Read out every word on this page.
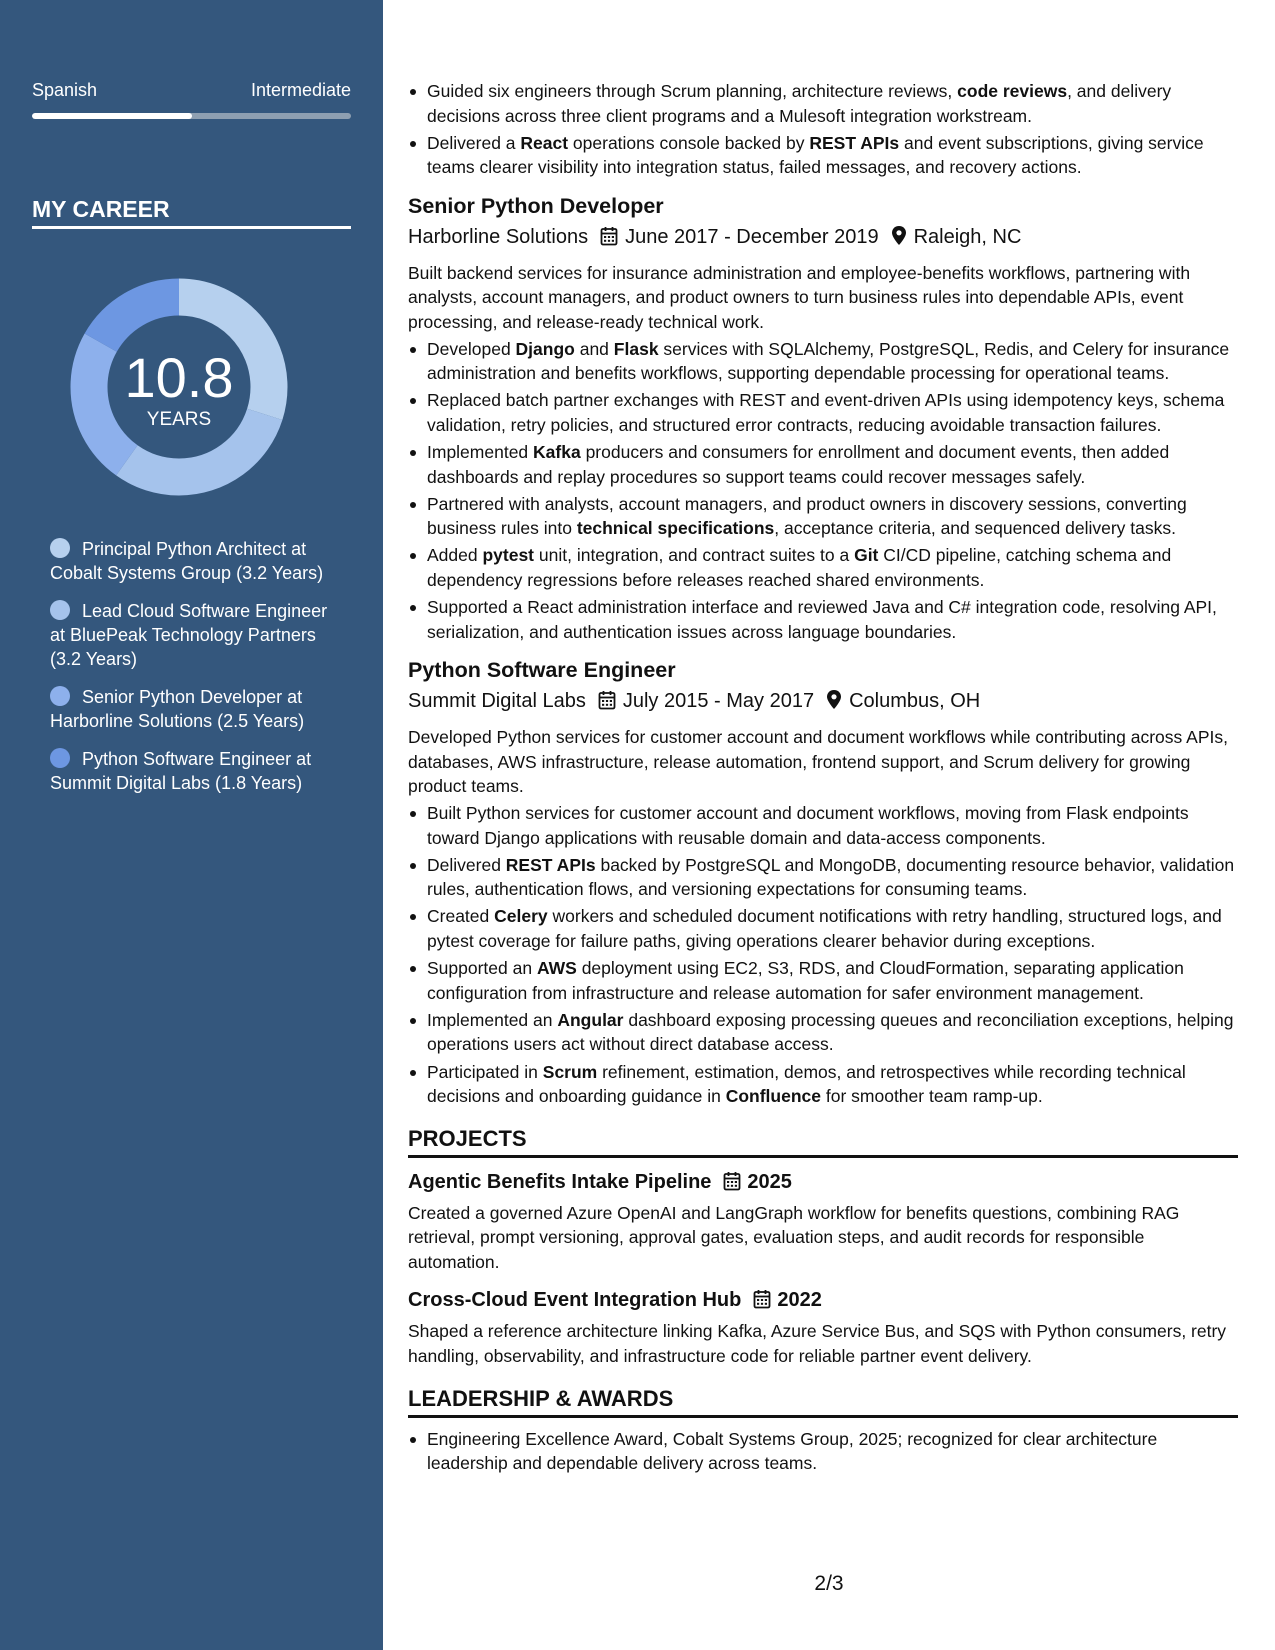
Spanish	Intermediate
MY CAREER
10.8
YEARS
Principal Python Architect at Cobalt Systems Group (3.2 Years)
Lead Cloud Software Engineer at BluePeak Technology Partners (3.2 Years)
Senior Python Developer at Harborline Solutions (2.5 Years)
Python Software Engineer at Summit Digital Labs (1.8 Years)
Guided six engineers through Scrum planning, architecture reviews, code reviews, and delivery decisions across three client programs and a Mulesoft integration workstream.
Delivered a React operations console backed by REST APIs and event subscriptions, giving service teams clearer visibility into integration status, failed messages, and recovery actions.
Senior Python Developer
Harborline Solutions June 2017 - December 2019 Raleigh, NC
Built backend services for insurance administration and employee-benefits workflows, partnering with analysts, account managers, and product owners to turn business rules into dependable APIs, event processing, and release-ready technical work.
Developed Django and Flask services with SQLAlchemy, PostgreSQL, Redis, and Celery for insurance administration and benefits workflows, supporting dependable processing for operational teams.
Replaced batch partner exchanges with REST and event-driven APIs using idempotency keys, schema validation, retry policies, and structured error contracts, reducing avoidable transaction failures.
Implemented Kafka producers and consumers for enrollment and document events, then added dashboards and replay procedures so support teams could recover messages safely.
Partnered with analysts, account managers, and product owners in discovery sessions, converting business rules into technical specifications, acceptance criteria, and sequenced delivery tasks.
Added pytest unit, integration, and contract suites to a Git CI/CD pipeline, catching schema and dependency regressions before releases reached shared environments.
Supported a React administration interface and reviewed Java and C# integration code, resolving API, serialization, and authentication issues across language boundaries.
Python Software Engineer
Summit Digital Labs July 2015 - May 2017 Columbus, OH
Developed Python services for customer account and document workflows while contributing across APIs, databases, AWS infrastructure, release automation, frontend support, and Scrum delivery for growing product teams.
Built Python services for customer account and document workflows, moving from Flask endpoints toward Django applications with reusable domain and data-access components.
Delivered REST APIs backed by PostgreSQL and MongoDB, documenting resource behavior, validation rules, authentication flows, and versioning expectations for consuming teams.
Created Celery workers and scheduled document notifications with retry handling, structured logs, and pytest coverage for failure paths, giving operations clearer behavior during exceptions.
Supported an AWS deployment using EC2, S3, RDS, and CloudFormation, separating application configuration from infrastructure and release automation for safer environment management.
Implemented an Angular dashboard exposing processing queues and reconciliation exceptions, helping operations users act without direct database access.
Participated in Scrum refinement, estimation, demos, and retrospectives while recording technical decisions and onboarding guidance in Confluence for smoother team ramp-up.
PROJECTS
Agentic Benefits Intake Pipeline 2025
Created a governed Azure OpenAI and LangGraph workflow for benefits questions, combining RAG retrieval, prompt versioning, approval gates, evaluation steps, and audit records for responsible automation.
Cross-Cloud Event Integration Hub 2022
Shaped a reference architecture linking Kafka, Azure Service Bus, and SQS with Python consumers, retry handling, observability, and infrastructure code for reliable partner event delivery.
LEADERSHIP & AWARDS
Engineering Excellence Award, Cobalt Systems Group, 2025; recognized for clear architecture leadership and dependable delivery across teams.
2/3
